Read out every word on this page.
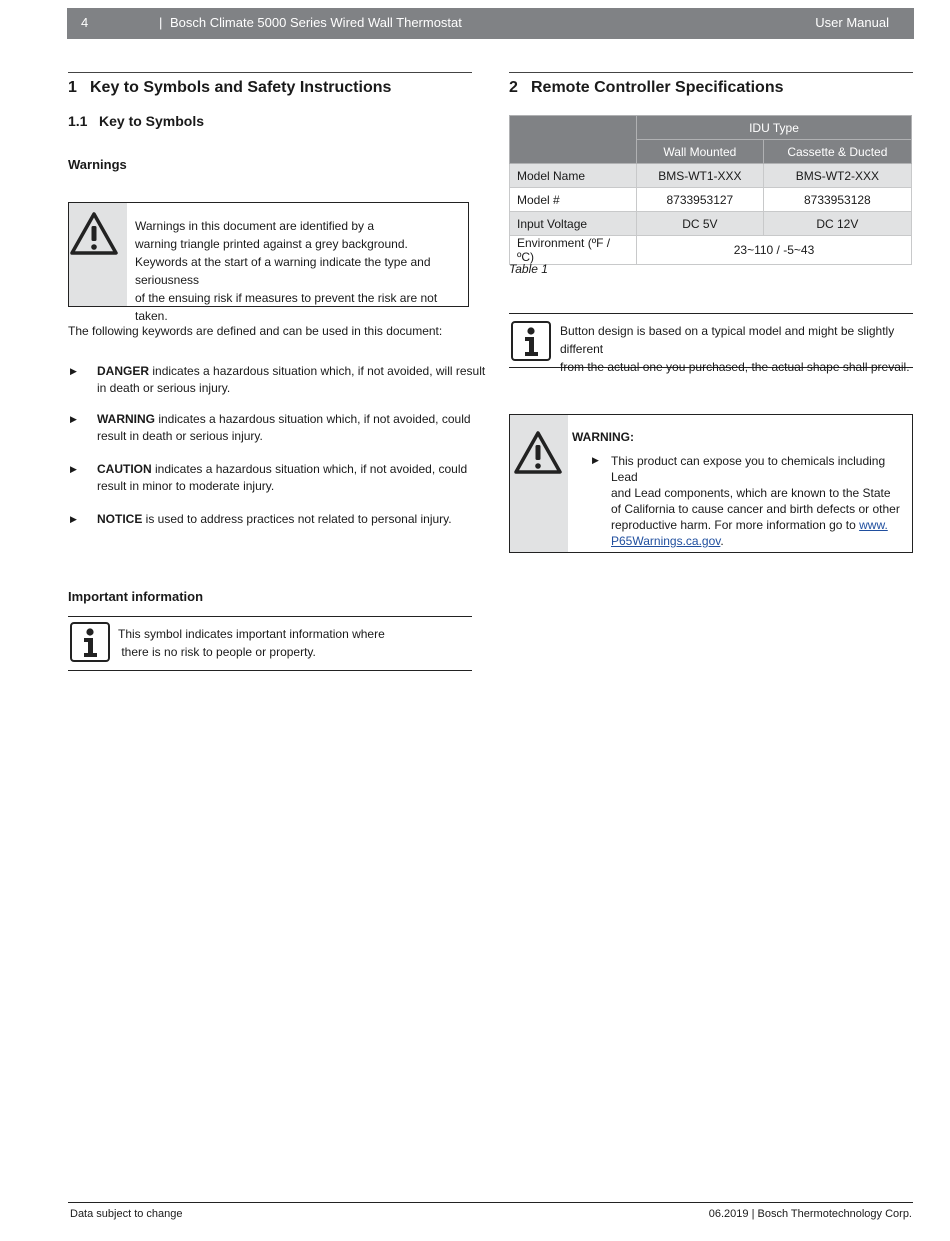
4	| Bosch Climate 5000 Series Wired Wall Thermostat	User Manual
1 Key to Symbols and Safety Instructions
1.1 Key to Symbols
Warnings
Warnings in this document are identified by a
warning triangle printed against a grey background.
Keywords at the start of a warning indicate the type and seriousness
of the ensuing risk if measures to prevent the risk are not taken.
The following keywords are defined and can be used in this document:
▶ DANGER indicates a hazardous situation which, if not avoided, will result
in death or serious injury.
▶ WARNING indicates a hazardous situation which, if not avoided, could
result in death or serious injury.
▶ CAUTION indicates a hazardous situation which, if not avoided, could
result in minor to moderate injury.
▶ NOTICE is used to address practices not related to personal injury.
Important information
This symbol indicates important information where
there is no risk to people or property.
2 Remote Controller Specifications
	IDU Type	
	Wall Mounted	Cassette & Ducted
Model Name	BMS-WT1-XXX	BMS-WT2-XXX
Model #	8733953127	8733953128
Input Voltage	DC 5V	DC 12V
Environment (ºF / ºC)	23~110 / -5~43	
Table 1
Button design is based on a typical model and might be slightly different
from the actual one you purchased, the actual shape shall prevail.
WARNING:
▶ This product can expose you to chemicals including Lead
and Lead components, which are known to the State
of California to cause cancer and birth defects or other
reproductive harm. For more information go to www.
P65Warnings.ca.gov.
Data subject to change	06.2019 | Bosch Thermotechnology Corp.
